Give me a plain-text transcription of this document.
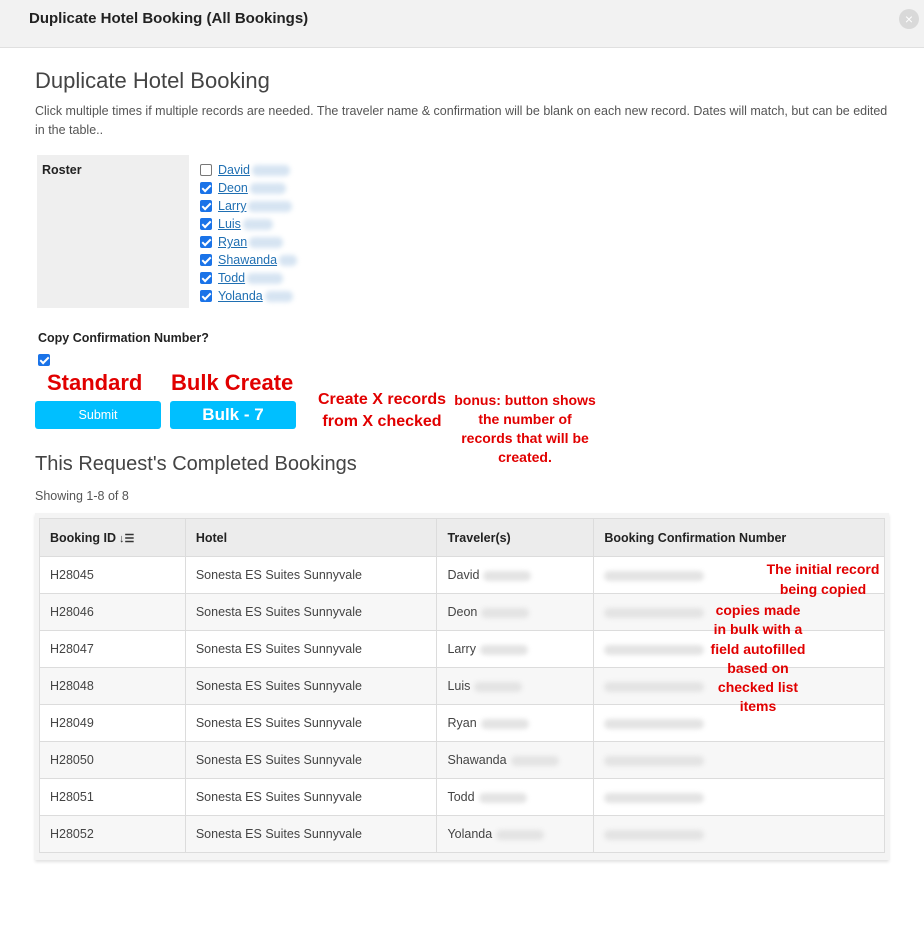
Duplicate Hotel Booking (All Bookings)	×
Duplicate Hotel Booking
Click multiple times if multiple records are needed. The traveler name & confirmation will be blank on each new record. Dates will match, but can be edited in the table..
Roster	David
Deon
Larry
Luis
Ryan
Shawanda
Todd
Yolanda
Copy Confirmation Number?
Standard Bulk Create
Submit	Bulk - 7
Create X records from X checked
bonus: button shows the number of records that will be created.
This Request's Completed Bookings
Showing 1-8 of 8
Booking ID ↓☰	Hotel	Traveler(s)	Booking Confirmation Number
H28045	Sonesta ES Suites Sunnyvale	David	
H28046	Sonesta ES Suites Sunnyvale	Deon	
H28047	Sonesta ES Suites Sunnyvale	Larry	
H28048	Sonesta ES Suites Sunnyvale	Luis	
H28049	Sonesta ES Suites Sunnyvale	Ryan	
H28050	Sonesta ES Suites Sunnyvale	Shawanda	
H28051	Sonesta ES Suites Sunnyvale	Todd	
H28052	Sonesta ES Suites Sunnyvale	Yolanda	
The initial record being copied
copies made in bulk with a field autofilled based on checked list items
